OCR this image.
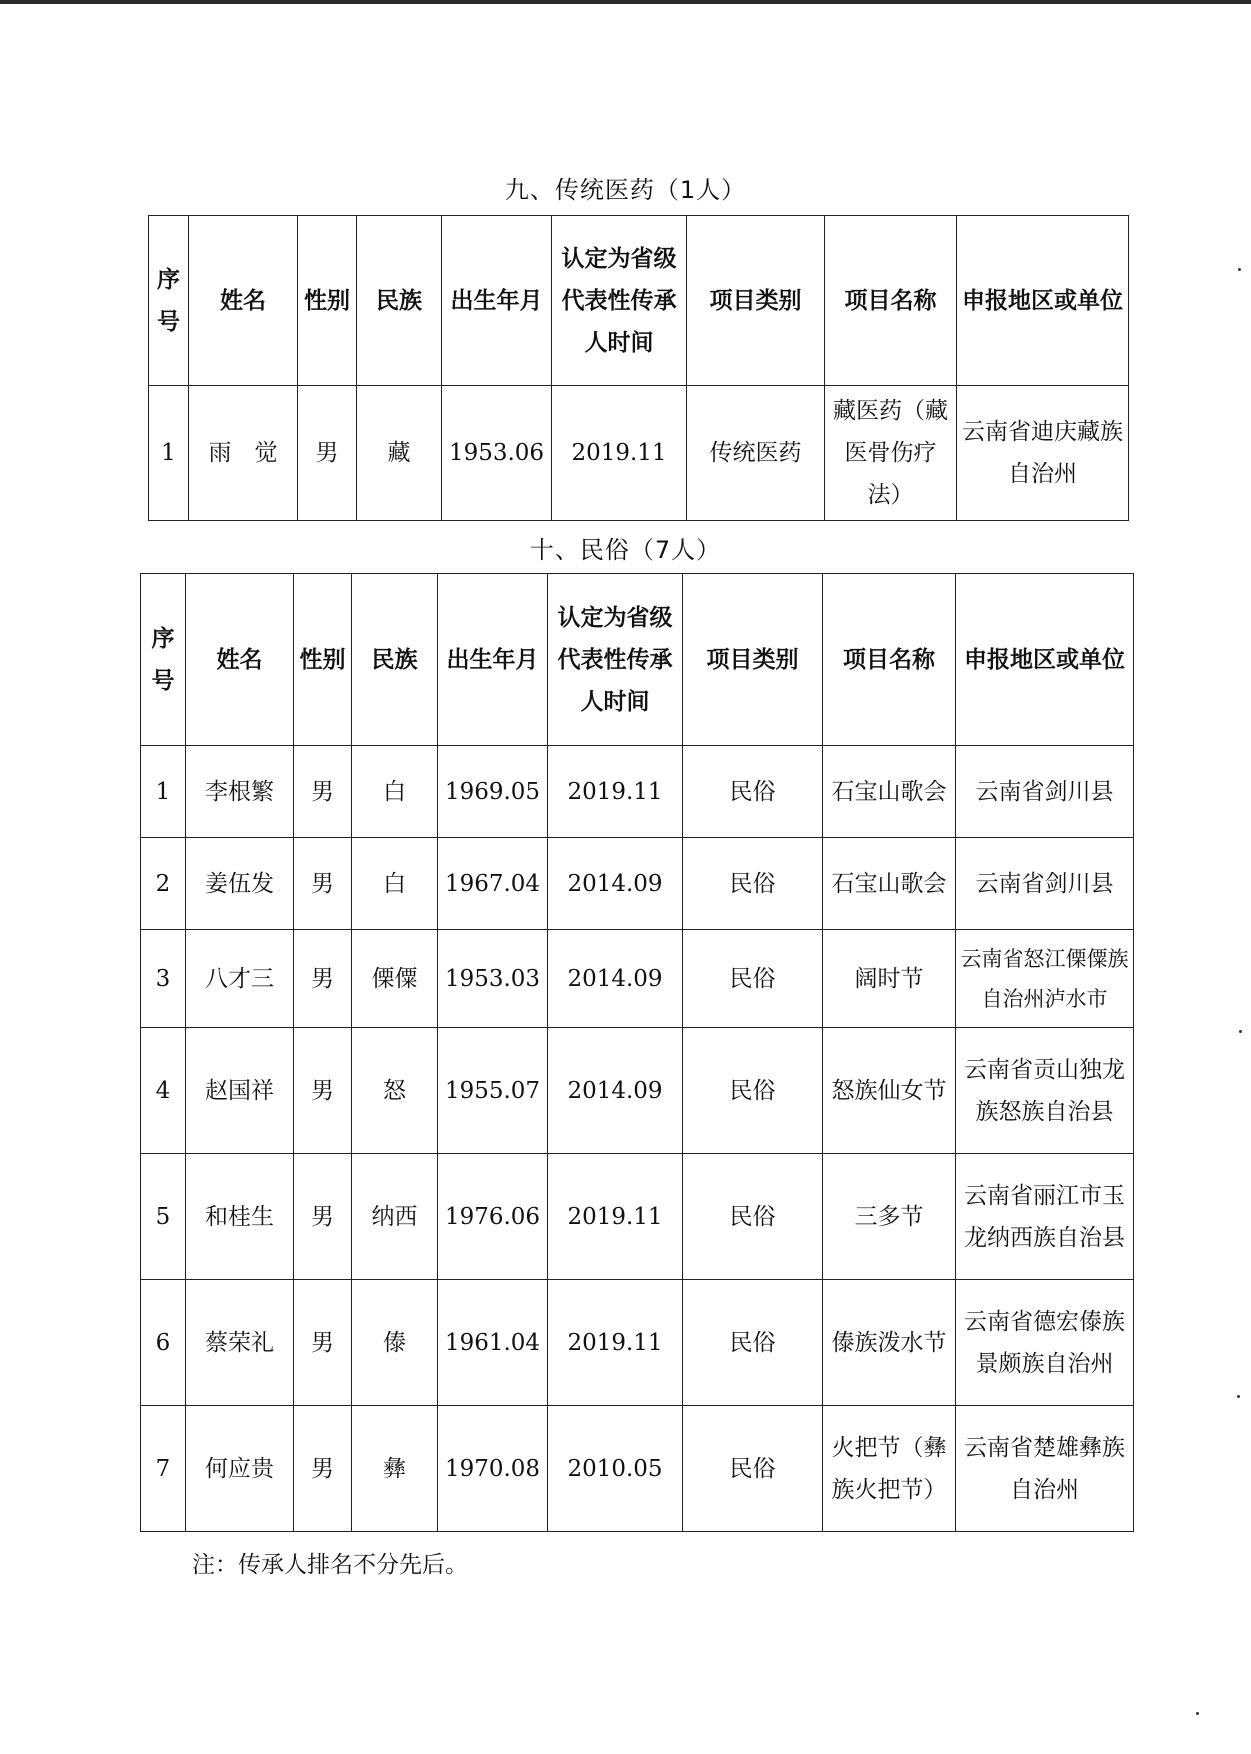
九、传统医药（1人）
序号	姓名	性别	民族	出生年月	认定为省级代表性传承人时间	项目类别	项目名称	申报地区或单位
1	雨　觉	男	藏	1953.06	2019.11	传统医药	藏医药（藏医骨伤疗法）	云南省迪庆藏族自治州
十、民俗（7人）
序号	姓名	性别	民族	出生年月	认定为省级代表性传承人时间	项目类别	项目名称	申报地区或单位
1	李根繁	男	白	1969.05	2019.11	民俗	石宝山歌会	云南省剑川县
2	姜伍发	男	白	1967.04	2014.09	民俗	石宝山歌会	云南省剑川县
3	八才三	男	傈僳	1953.03	2014.09	民俗	阔时节	云南省怒江傈僳族自治州泸水市
4	赵国祥	男	怒	1955.07	2014.09	民俗	怒族仙女节	云南省贡山独龙族怒族自治县
5	和桂生	男	纳西	1976.06	2019.11	民俗	三多节	云南省丽江市玉龙纳西族自治县
6	蔡荣礼	男	傣	1961.04	2019.11	民俗	傣族泼水节	云南省德宏傣族景颇族自治州
7	何应贵	男	彝	1970.08	2010.05	民俗	火把节（彝族火把节）	云南省楚雄彝族自治州
注：传承人排名不分先后。
